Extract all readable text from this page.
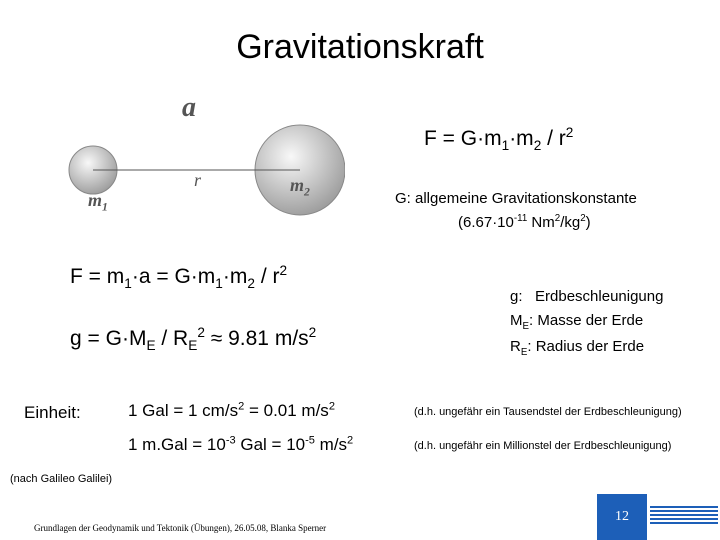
Gravitationskraft
a
r
$m_1$
$m_2$
$F = G\cdot m_1\cdot m_2 / r^2$
G: allgemeine Gravitationskonstante
($6.67\cdot 10^{-11}$ $Nm^2/kg^2$)
$F = m_1\cdot a = G\cdot m_1\cdot m_2 / r^2$
$g = G\cdot M_E / R_E^2 \approx 9.81$ $m/s^2$
g: Erdbeschleunigung
$M_E$: Masse der Erde
$R_E$: Radius der Erde
Einheit:	1 Gal = 1 $cm/s^2 = 0.01$ $m/s^2$	(d.h. ungefähr ein Tausendstel der Erdbeschleunigung)
1 $m.Gal = 10^{-3}$ Gal = $10^{-5}$ $m/s^2$	(d.h. ungefähr ein Millionstel der Erdbeschleunigung)
(nach Galileo Galilei)
Grundlagen der Geodynamik und Tektonik (Übungen), 26.05.08, Blanka Sperner
12
